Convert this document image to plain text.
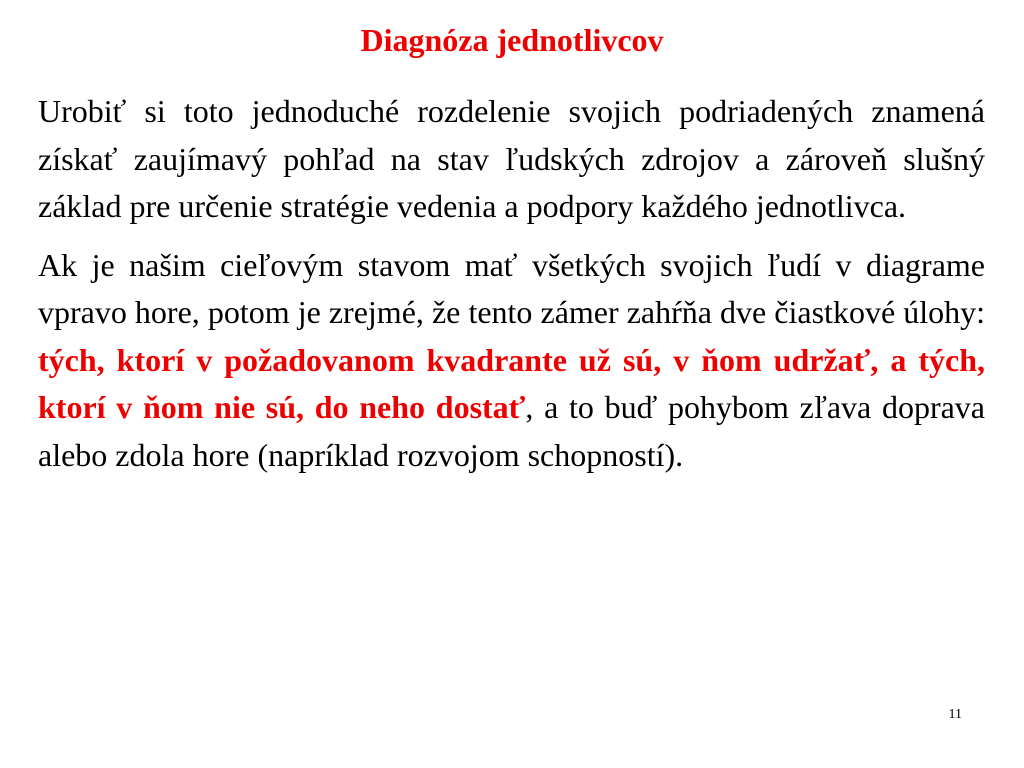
Diagnóza jednotlivcov

Urobiť si toto jednoduché rozdelenie svojich podriadených znamená získať zaujímavý pohľad na stav ľudských zdrojov a zároveň slušný základ pre určenie stratégie vedenia a podpory každého jednotlivca.

Ak je našim cieľovým stavom mať všetkých svojich ľudí v diagrame vpravo hore, potom je zrejmé, že tento zámer zahŕňa dve čiastkové úlohy: tých, ktorí v požadovanom kvadrante už sú, v ňom udržať, a tých, ktorí v ňom nie sú, do neho dostať, a to buď pohybom zľava doprava alebo zdola hore (napríklad rozvojom schopností).

11
